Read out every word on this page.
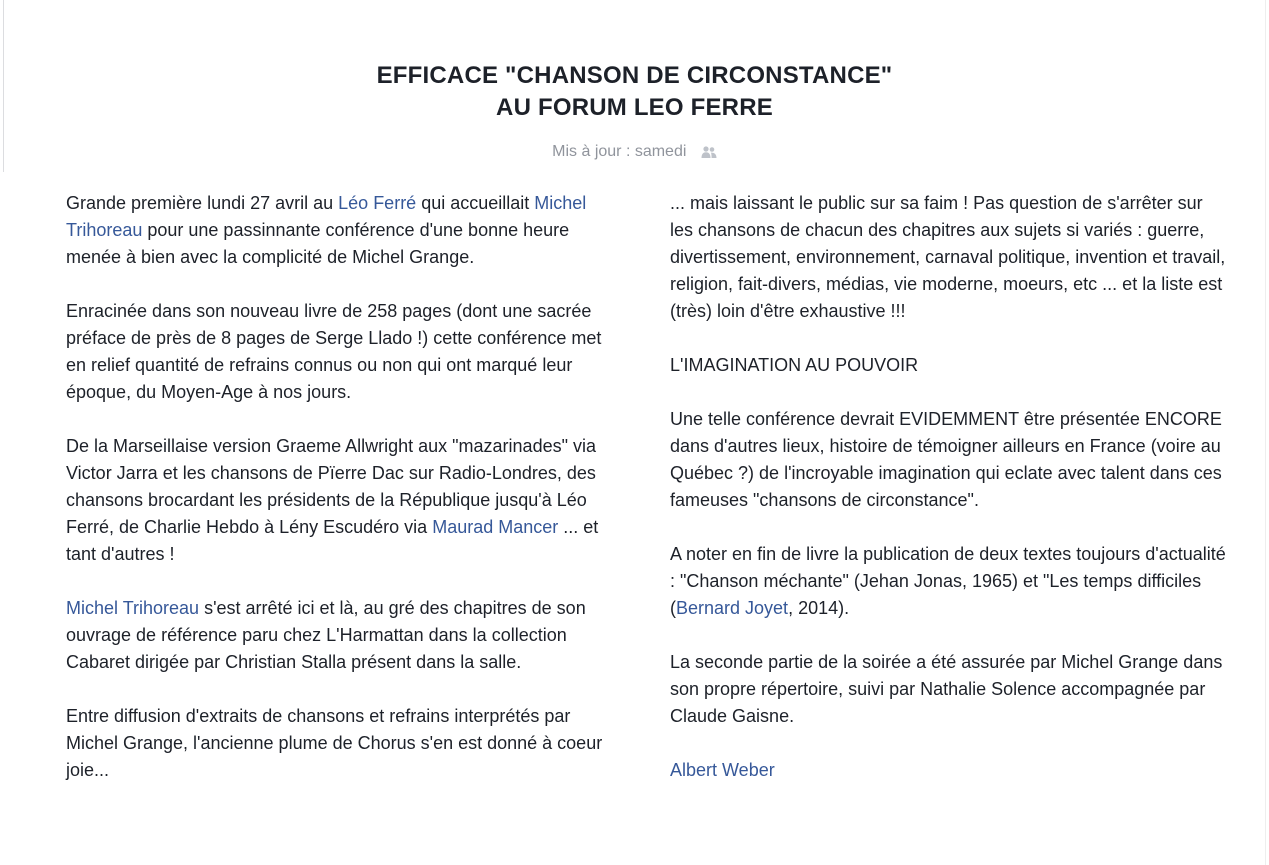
EFFICACE "CHANSON DE CIRCONSTANCE"
AU FORUM LEO FERRE
Mis à jour : samedi

Grande première lundi 27 avril au Léo Ferré qui accueillait Michel Trihoreau pour une passinnante conférence d'une bonne heure menée à bien avec la complicité de Michel Grange.

Enracinée dans son nouveau livre de 258 pages (dont une sacrée préface de près de 8 pages de Serge Llado !) cette conférence met en relief quantité de refrains connus ou non qui ont marqué leur époque, du Moyen-Age à nos jours.

De la Marseillaise version Graeme Allwright aux "mazarinades" via Victor Jarra et les chansons de Pïerre Dac sur Radio-Londres, des chansons brocardant les présidents de la République jusqu'à Léo Ferré, de Charlie Hebdo à Lény Escudéro via Maurad Mancer ... et tant d'autres !

Michel Trihoreau s'est arrêté ici et là, au gré des chapitres de son ouvrage de référence paru chez L'Harmattan dans la collection Cabaret dirigée par Christian Stalla présent dans la salle.

Entre diffusion d'extraits de chansons et refrains interprétés par Michel Grange, l'ancienne plume de Chorus s'en est donné à coeur joie...

... mais laissant le public sur sa faim ! Pas question de s'arrêter sur les chansons de chacun des chapitres aux sujets si variés : guerre, divertissement, environnement, carnaval politique, invention et travail, religion, fait-divers, médias, vie moderne, moeurs, etc ... et la liste est (très) loin d'être exhaustive !!!

L'IMAGINATION AU POUVOIR

Une telle conférence devrait EVIDEMMENT être présentée ENCORE dans d'autres lieux, histoire de témoigner ailleurs en France (voire au Québec ?) de l'incroyable imagination qui eclate avec talent dans ces fameuses "chansons de circonstance".

A noter en fin de livre la publication de deux textes toujours d'actualité : "Chanson méchante" (Jehan Jonas, 1965) et "Les temps difficiles (Bernard Joyet, 2014).

La seconde partie de la soirée a été assurée par Michel Grange dans son propre répertoire, suivi par Nathalie Solence accompagnée par Claude Gaisne.

Albert Weber
